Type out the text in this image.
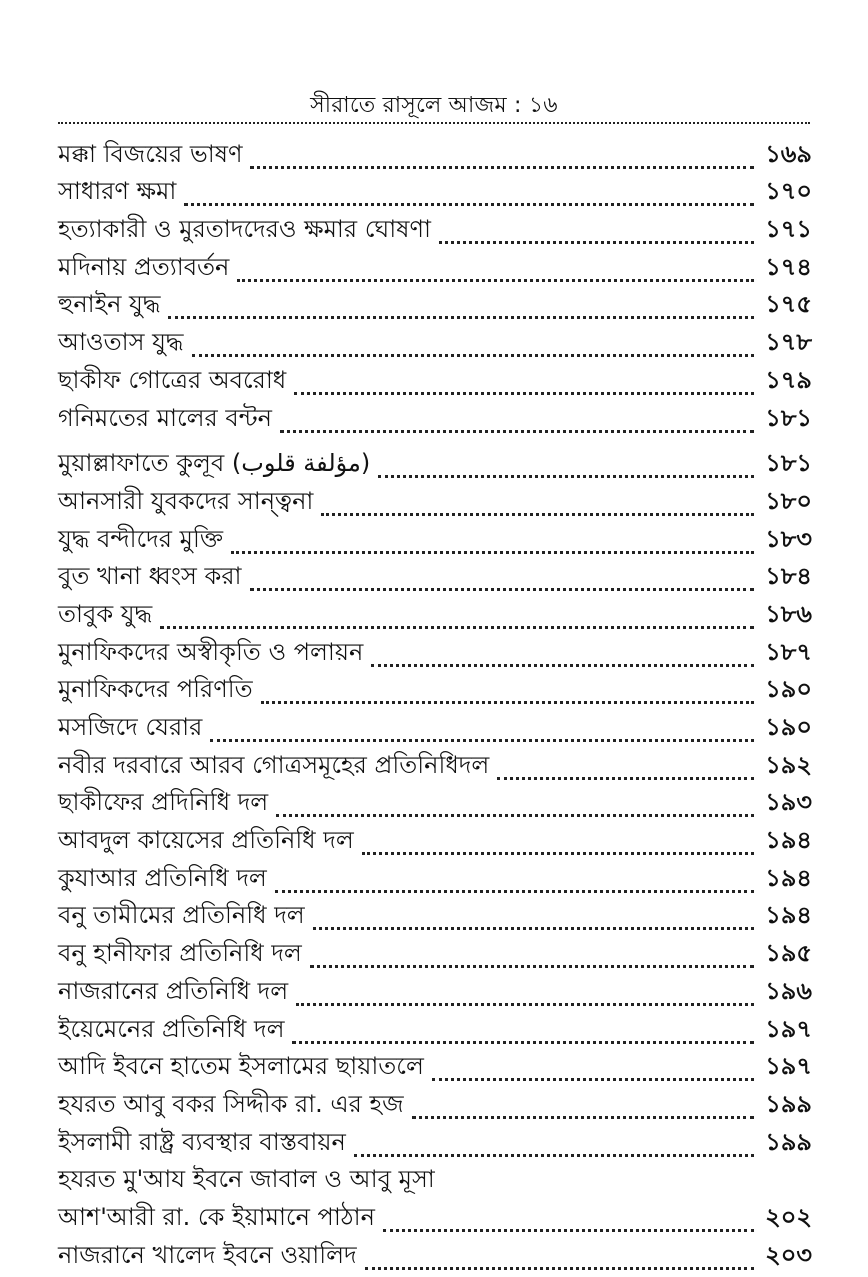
সীরাতে রাসূলে আজম : ১৬
মক্কা বিজয়ের ভাষণ	১৬৯
সাধারণ ক্ষমা	১৭০
হত্যাকারী ও মুরতাদদেরও ক্ষমার ঘোষণা	১৭১
মদিনায় প্রত্যাবর্তন	১৭৪
হুনাইন যুদ্ধ	১৭৫
আওতাস যুদ্ধ	১৭৮
ছাকীফ গোত্রের অবরোধ	১৭৯
গনিমতের মালের বন্টন	১৮১
মুয়াল্লাফাতে কুলূব (مؤلفة قلوب)	১৮১
আনসারী যুবকদের সান্ত্বনা	১৮০
যুদ্ধ বন্দীদের মুক্তি	১৮৩
বুত খানা ধ্বংস করা	১৮৪
তাবুক যুদ্ধ	১৮৬
মুনাফিকদের অস্বীকৃতি ও পলায়ন	১৮৭
মুনাফিকদের পরিণতি	১৯০
মসজিদে যেরার	১৯০
নবীর দরবারে আরব গোত্রসমূহের প্রতিনিধিদল	১৯২
ছাকীফের প্রদিনিধি দল	১৯৩
আবদুল কায়েসের প্রতিনিধি দল	১৯৪
কুযাআর প্রতিনিধি দল	১৯৪
বনু তামীমের প্রতিনিধি দল	১৯৪
বনু হানীফার প্রতিনিধি দল	১৯৫
নাজরানের প্রতিনিধি দল	১৯৬
ইয়েমেনের প্রতিনিধি দল	১৯৭
আদি ইবনে হাতেম ইসলামের ছায়াতলে	১৯৭
হযরত আবু বকর সিদ্দীক রা. এর হজ	১৯৯
ইসলামী রাষ্ট্র ব্যবস্থার বাস্তবায়ন	১৯৯
হযরত মু'আয ইবনে জাবাল ও আবু মূসা
আশ'আরী রা. কে ইয়ামানে পাঠান	২০২
নাজরানে খালেদ ইবনে ওয়ালিদ	২০৩
